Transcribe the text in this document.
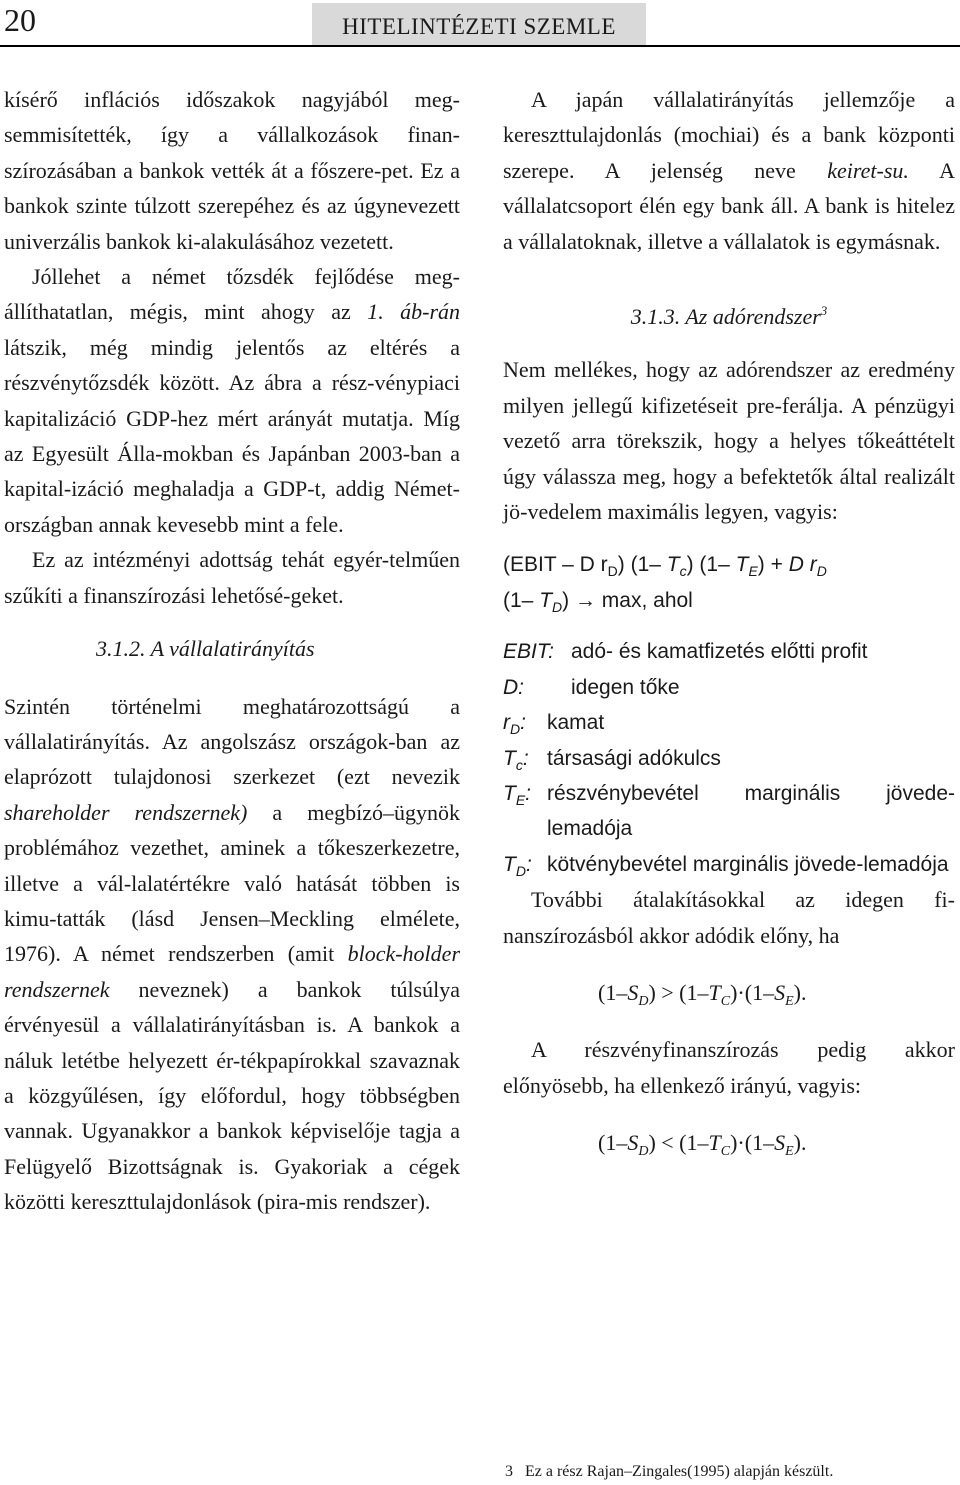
20	HITELINTÉZETI SZEMLE

kísérő inflációs időszakok nagyjából meg-semmisítették, így a vállalkozások finan-szírozásában a bankok vették át a főszere-pet. Ez a bankok szinte túlzott szerepéhez és az úgynevezett univerzális bankok ki-alakulásához vezetett.

Jóllehet a német tőzsdék fejlődése meg-állíthatatlan, mégis, mint ahogy az 1. áb-rán látszik, még mindig jelentős az eltérés a részvénytőzsdék között. Az ábra a rész-vénypiaci kapitalizáció GDP-hez mért arányát mutatja. Míg az Egyesült Álla-mokban és Japánban 2003-ban a kapital-izáció meghaladja a GDP-t, addig Német-országban annak kevesebb mint a fele.

Ez az intézményi adottság tehát egyér-telműen szűkíti a finanszírozási lehetősé-geket.

3.1.2. A vállalatirányítás

Szintén történelmi meghatározottságú a vállalatirányítás. Az angolszász országok-ban az elaprózott tulajdonosi szerkezet (ezt nevezik shareholder rendszernek) a megbízó–ügynök problémához vezethet, aminek a tőkeszerkezetre, illetve a vál-lalatértékre való hatását többen is kimu-tatták (lásd Jensen–Meckling elmélete, 1976). A német rendszerben (amit block-holder rendszernek neveznek) a bankok túlsúlya érvényesül a vállalatirányításban is. A bankok a náluk letétbe helyezett ér-tékpapírokkal szavaznak a közgyűlésen, így előfordul, hogy többségben vannak. Ugyanakkor a bankok képviselője tagja a Felügyelő Bizottságnak is. Gyakoriak a cégek közötti kereszttulajdonlások (pira-mis rendszer).

A japán vállalatirányítás jellemzője a kereszttulajdonlás (mochiai) és a bank központi szerepe. A jelenség neve keiret-su. A vállalatcsoport élén egy bank áll. A bank is hitelez a vállalatoknak, illetve a vállalatok is egymásnak.

3.1.3. Az adórendszer$^3$

Nem mellékes, hogy az adórendszer az eredmény milyen jellegű kifizetéseit pre-ferálja. A pénzügyi vezető arra törekszik, hogy a helyes tőkeáttételt úgy válassza meg, hogy a befektetők által realizált jö-vedelem maximális legyen, vagyis:

(EBIT – D $r_D$) (1– $T_c$) (1– $T_E) + D$ $r_D$
(1– $T_D) \to \max$, ahol
EBIT: adó- és kamatfizetés előtti profit
D:	idegen tőke
$r_D$:	kamat
$T_c$: társasági adókulcs
$T_E$: részvénybevétel marginális jövede-lemadója
$T_D$: kötvénybevétel marginális jövede-lemadója

További átalakításokkal az idegen fi-nanszírozásból akkor adódik előny, ha

$(1-S_D) > (1-T_C)\cdot(1-S_E)$.

A részvényfinanszírozás pedig akkor előnyösebb, ha ellenkező irányú, vagyis:

$(1-S_D) < (1-T_C)\cdot(1-S_E)$.
3 Ez a rész Rajan–Zingales(1995) alapján készült.
